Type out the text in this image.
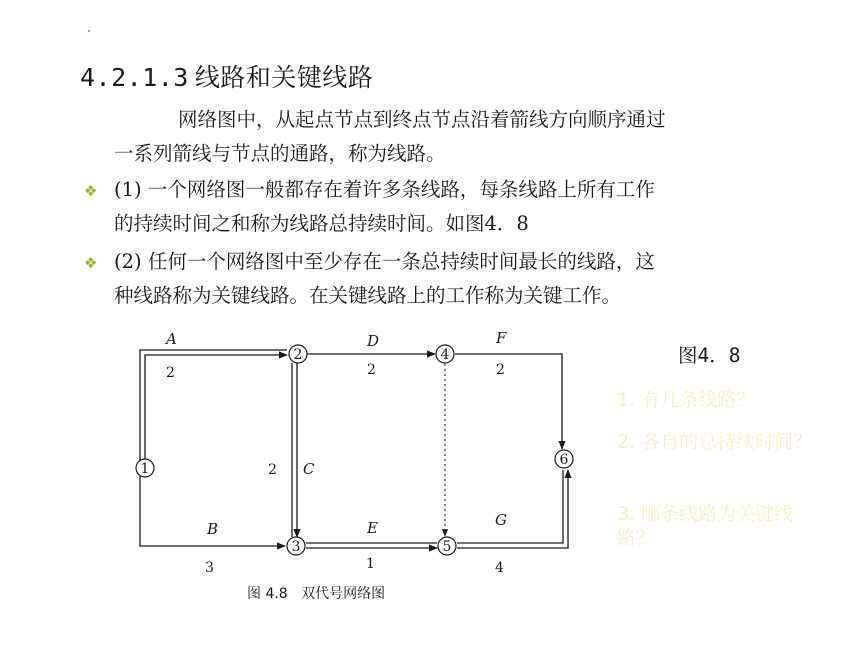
4.2.1.3 线路和关键线路
网络图中，从起点节点到终点节点沿着箭线方向顺序通过
一系列箭线与节点的通路，称为线路。
❖ (1) 一个网络图一般都存在着许多条线路，每条线路上所有工作
的持续时间之和称为线路总持续时间。如图4．8
❖ (2) 任何一个网络图中至少存在一条总持续时间最长的线路，这
种线路称为关键线路。在关键线路上的工作称为关键工作。
图4．8
1. 有几条线路？
2. 各自的总持续时间？
3. 哪条线路为关键线路？
1
2
3
4
5
6
A
2
B
3
C
2
D
2
E
1
F
2
G
4
图 4.8   双代号网络图
